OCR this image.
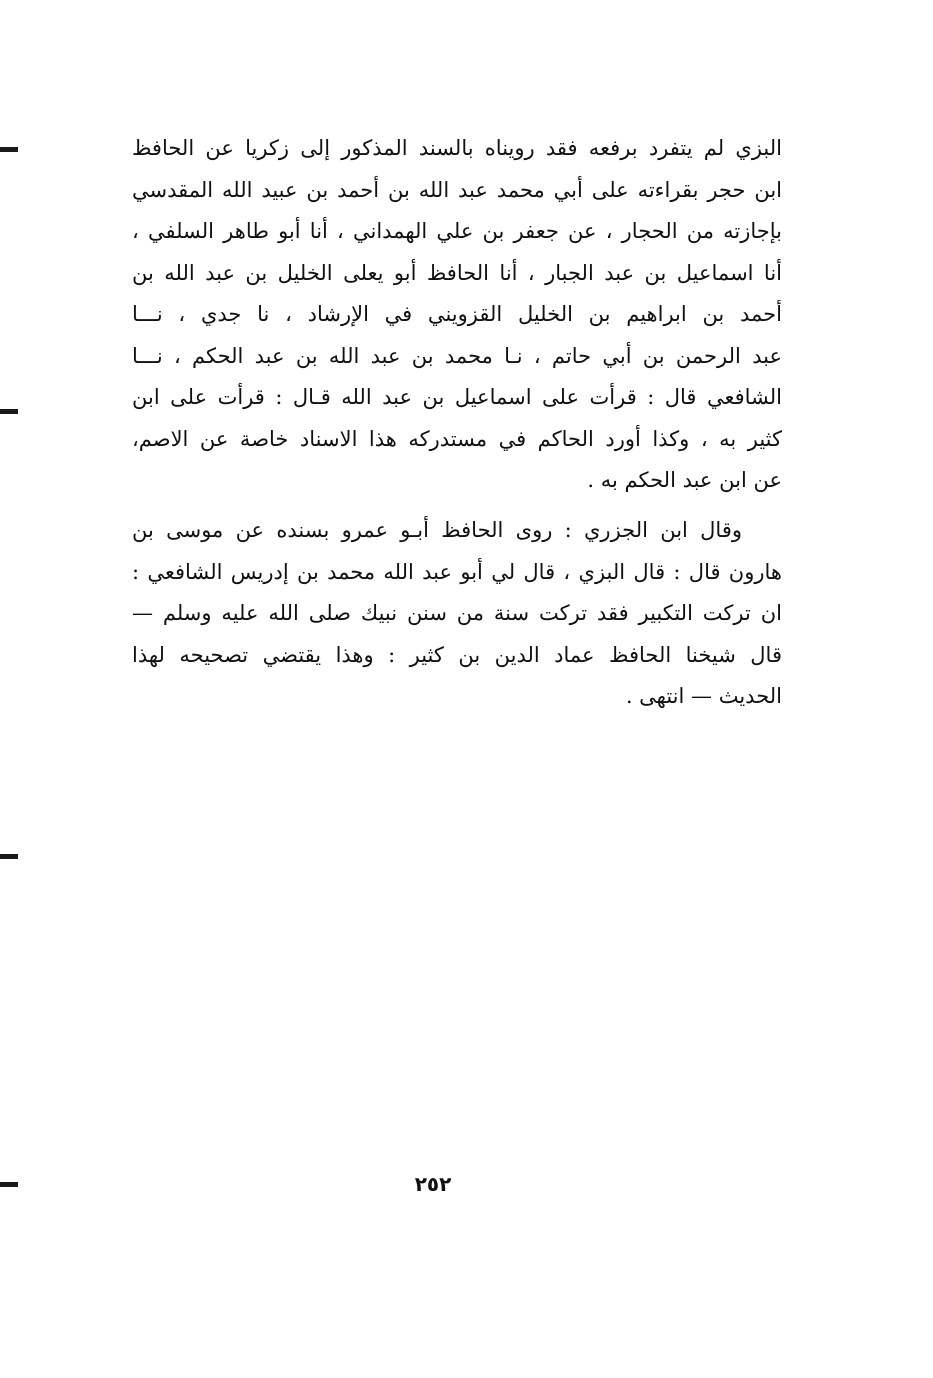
البزي لم يتفرد برفعه فقد رويناه بالسند المذكور إلى زكريا عن الحافظ
ابن حجر بقراءته على أبي محمد عبد الله بن أحمد بن عبيد الله المقدسي
بإجازته من الحجار ، عن جعفر بن علي الهمداني ، أنا أبو طاهر السلفي ،
أنا اسماعيل بن عبد الجبار ، أنا الحافظ أبو يعلى الخليل بن عبد الله بن
أحمد بن ابراهيم بن الخليل القزويني في الإرشاد ، نا جدي ، نـــا
عبد الرحمن بن أبي حاتم ، نـا محمد بن عبد الله بن عبد الحكم ، نـــا
الشافعي قال : قرأت على اسماعيل بن عبد الله قـال : قرأت على ابن
كثير به ، وكذا أورد الحاكم في مستدركه هذا الاسناد خاصة عن الاصم،
عن ابن عبد الحكم به .
وقال ابن الجزري : روى الحافظ أبـو عمرو بسنده عن موسى بن
هارون قال : قال البزي ، قال لي أبو عبد الله محمد بن إدريس الشافعي :
ان تركت التكبير فقد تركت سنة من سنن نبيك صلى الله عليه وسلم —
قال شيخنا الحافظ عماد الدين بن كثير : وهذا يقتضي تصحيحه لهذا
الحديث — انتهى .
٢٥٢
